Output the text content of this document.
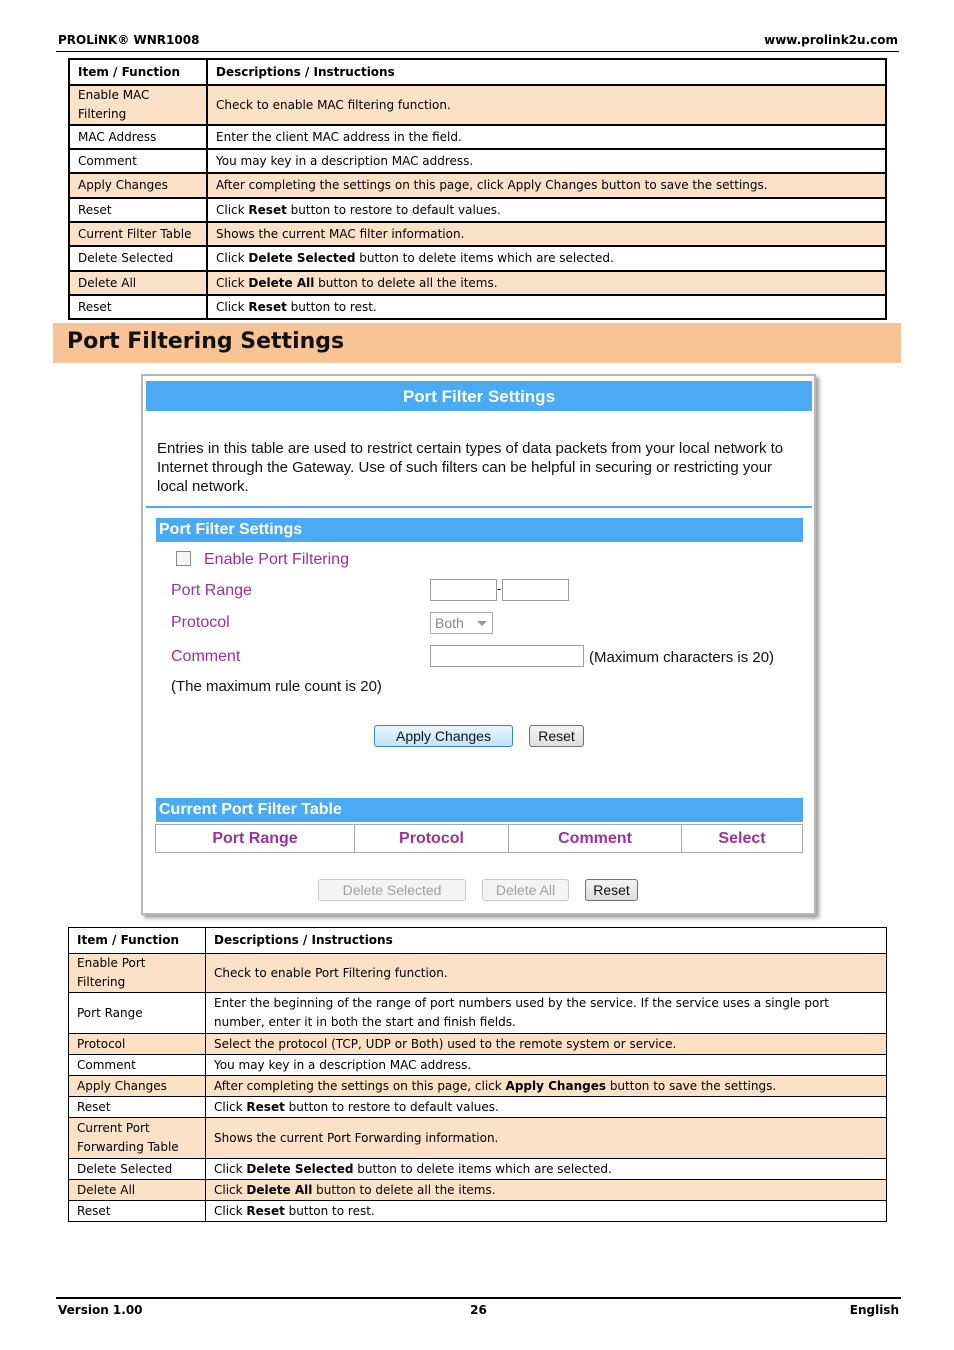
PROLiNK® WNR1008	www.prolink2u.com
Item / Function	Descriptions / Instructions
Enable MAC Filtering	Check to enable MAC filtering function.
MAC Address	Enter the client MAC address in the field.
Comment	You may key in a description MAC address.
Apply Changes	After completing the settings on this page, click Apply Changes button to save the settings.
Reset	Click Reset button to restore to default values.
Current Filter Table	Shows the current MAC filter information.
Delete Selected	Click Delete Selected button to delete items which are selected.
Delete All	Click Delete All button to delete all the items.
Reset	Click Reset button to rest.
Port Filtering Settings
Port Filter Settings
Entries in this table are used to restrict certain types of data packets from your local network to Internet through the Gateway. Use of such filters can be helpful in securing or restricting your local network.
Port Filter Settings
Enable Port Filtering
Port Range	-
Protocol	Both
Comment	(Maximum characters is 20)
(The maximum rule count is 20)
Apply Changes	Reset
Current Port Filter Table
Port Range	Protocol	Comment	Select
Delete Selected	Delete All	Reset
Item / Function	Descriptions / Instructions
Enable Port Filtering	Check to enable Port Filtering function.
Port Range	Enter the beginning of the range of port numbers used by the service. If the service uses a single port number, enter it in both the start and finish fields.
Protocol	Select the protocol (TCP, UDP or Both) used to the remote system or service.
Comment	You may key in a description MAC address.
Apply Changes	After completing the settings on this page, click Apply Changes button to save the settings.
Reset	Click Reset button to restore to default values.
Current Port Forwarding Table	Shows the current Port Forwarding information.
Delete Selected	Click Delete Selected button to delete items which are selected.
Delete All	Click Delete All button to delete all the items.
Reset	Click Reset button to rest.
Version 1.00	26	English
